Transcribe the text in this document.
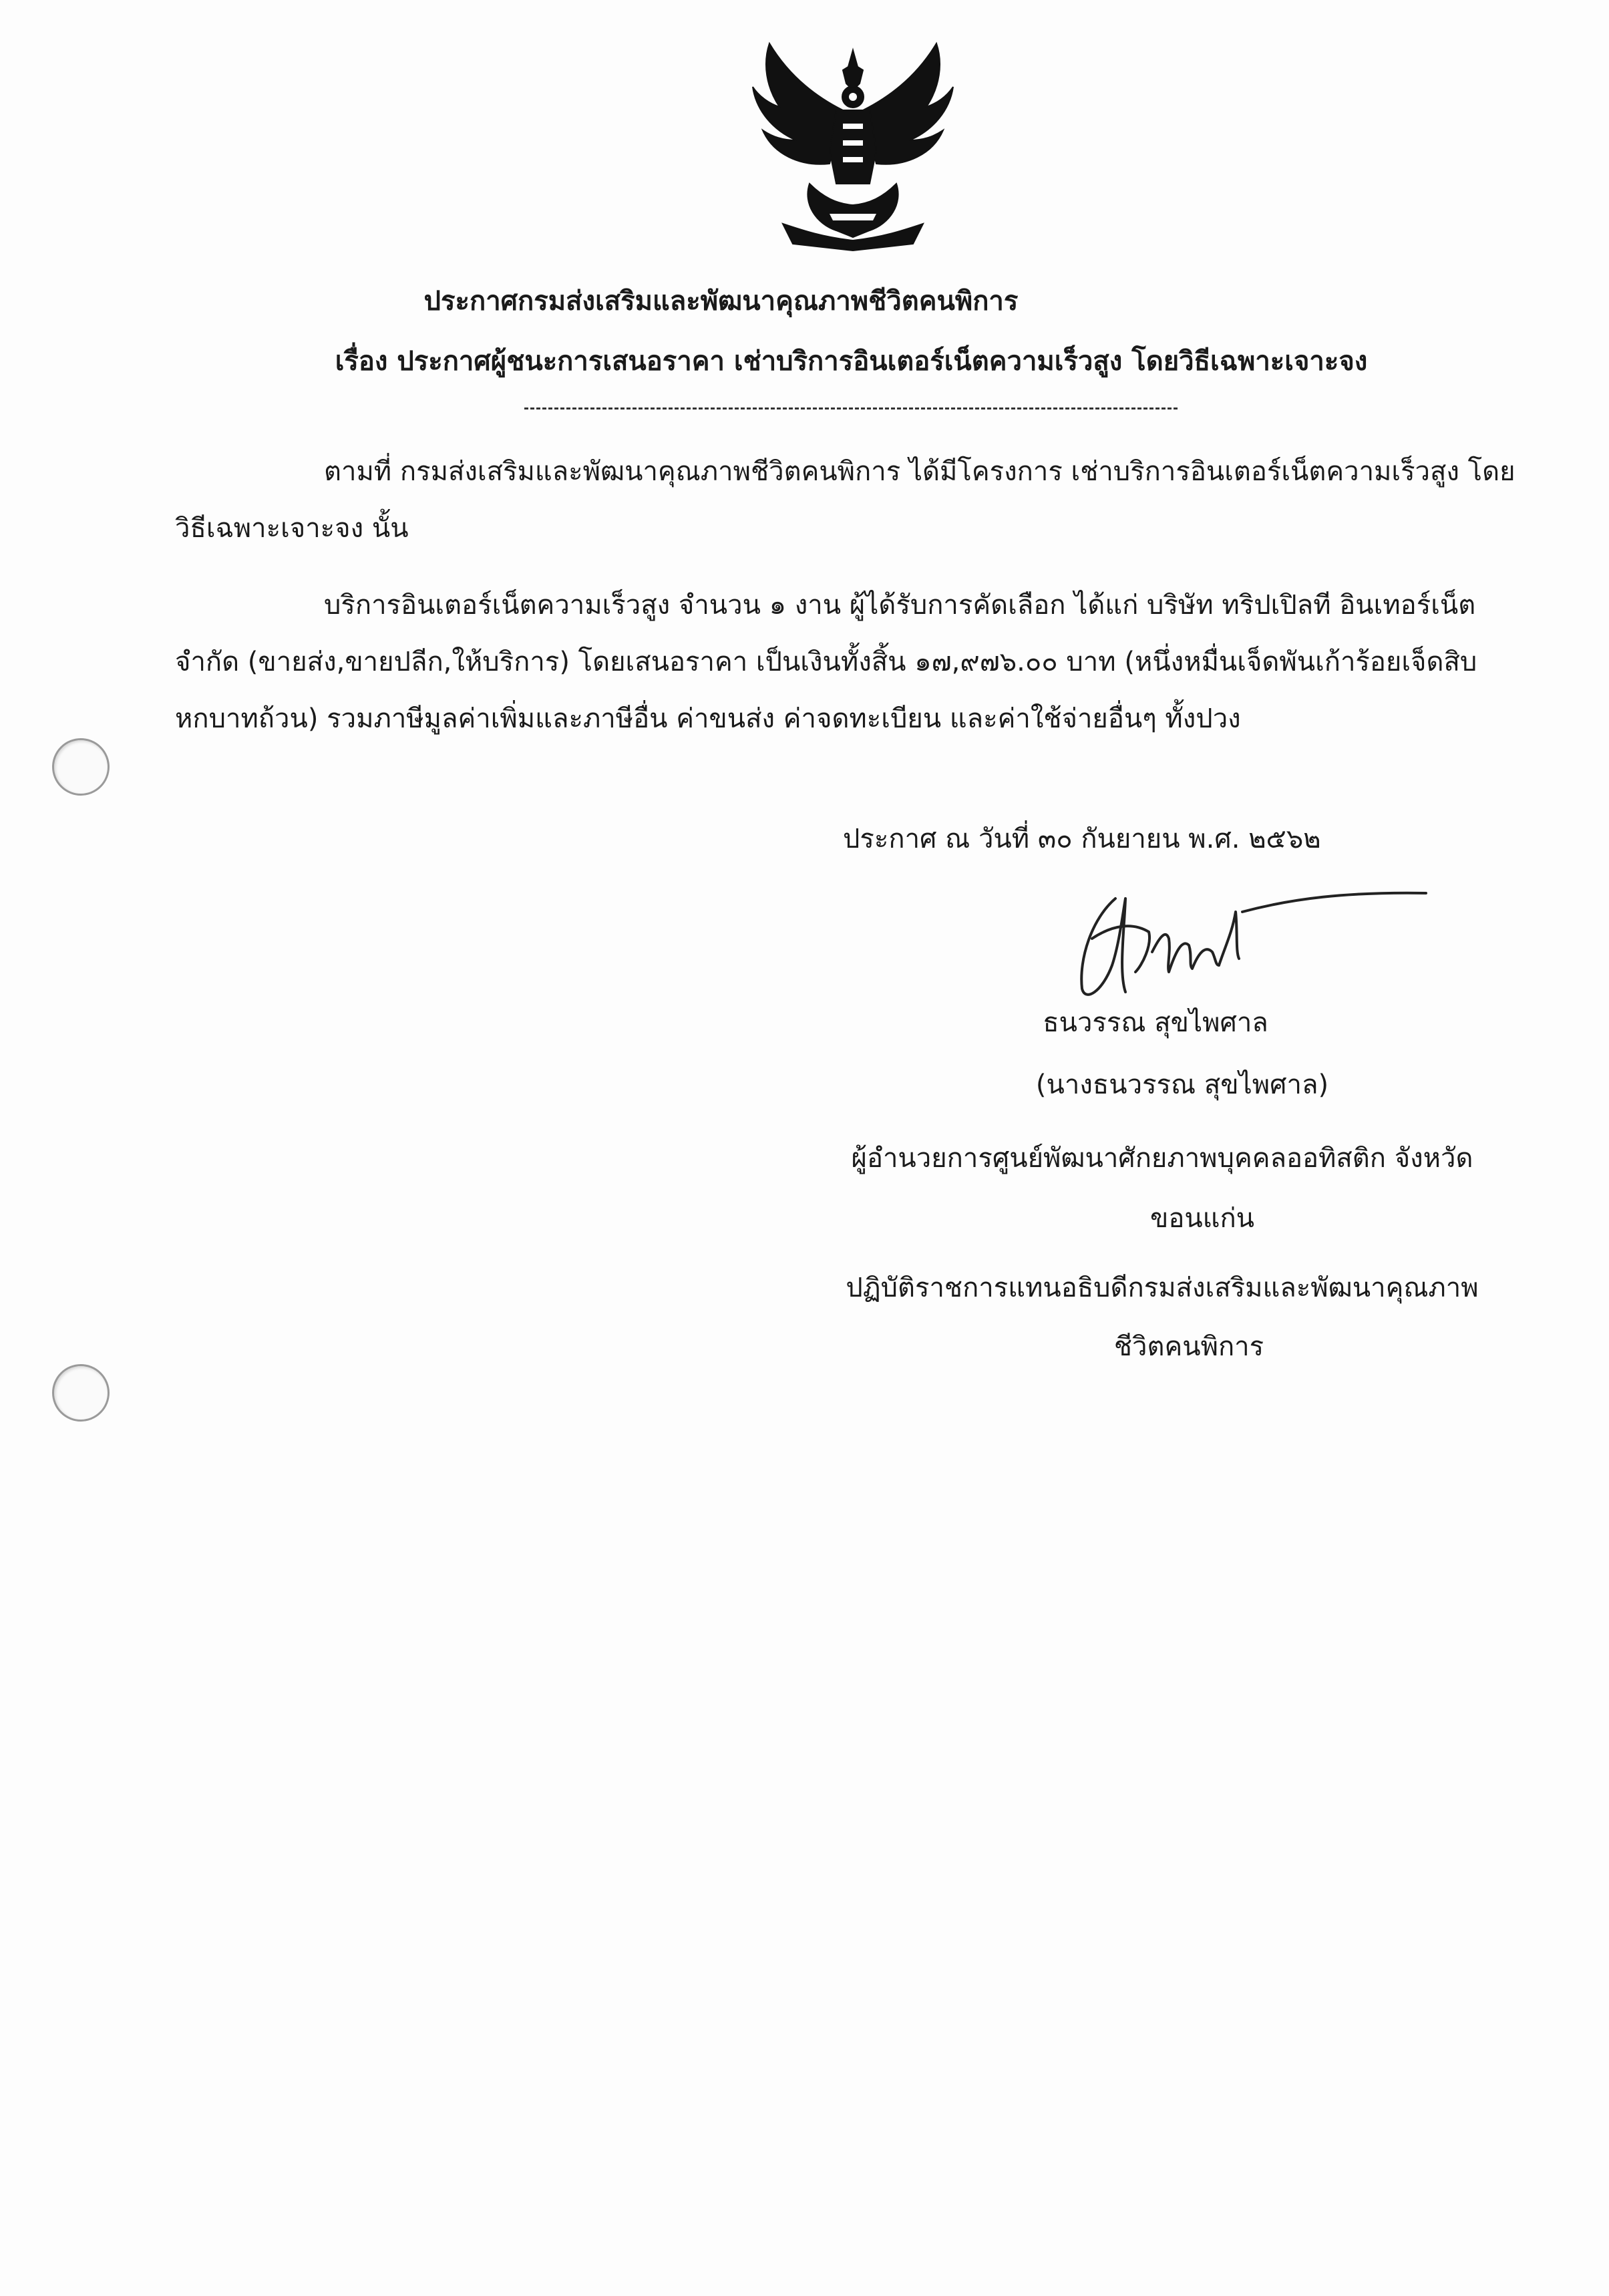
ประกาศกรมส่งเสริมและพัฒนาคุณภาพชีวิตคนพิการ
เรื่อง ประกาศผู้ชนะการเสนอราคา เช่าบริการอินเตอร์เน็ตความเร็วสูง โดยวิธีเฉพาะเจาะจง
ตามที่ กรมส่งเสริมและพัฒนาคุณภาพชีวิตคนพิการ ได้มีโครงการ เช่าบริการอินเตอร์เน็ตความเร็วสูง โดย
วิธีเฉพาะเจาะจง นั้น
บริการอินเตอร์เน็ตความเร็วสูง จำนวน ๑ งาน ผู้ได้รับการคัดเลือก ได้แก่ บริษัท ทริปเปิลที อินเทอร์เน็ต
จำกัด (ขายส่ง,ขายปลีก,ให้บริการ) โดยเสนอราคา เป็นเงินทั้งสิ้น ๑๗,๙๗๖.๐๐ บาท (หนึ่งหมื่นเจ็ดพันเก้าร้อยเจ็ดสิบ
หกบาทถ้วน) รวมภาษีมูลค่าเพิ่มและภาษีอื่น ค่าขนส่ง ค่าจดทะเบียน และค่าใช้จ่ายอื่นๆ ทั้งปวง
ประกาศ ณ วันที่ ๓๐ กันยายน พ.ศ. ๒๕๖๒
ธนวรรณ สุขไพศาล
(นางธนวรรณ สุขไพศาล)
ผู้อำนวยการศูนย์พัฒนาศักยภาพบุคคลออทิสติก จังหวัด
ขอนแก่น
ปฏิบัติราชการแทนอธิบดีกรมส่งเสริมและพัฒนาคุณภาพ
ชีวิตคนพิการ
